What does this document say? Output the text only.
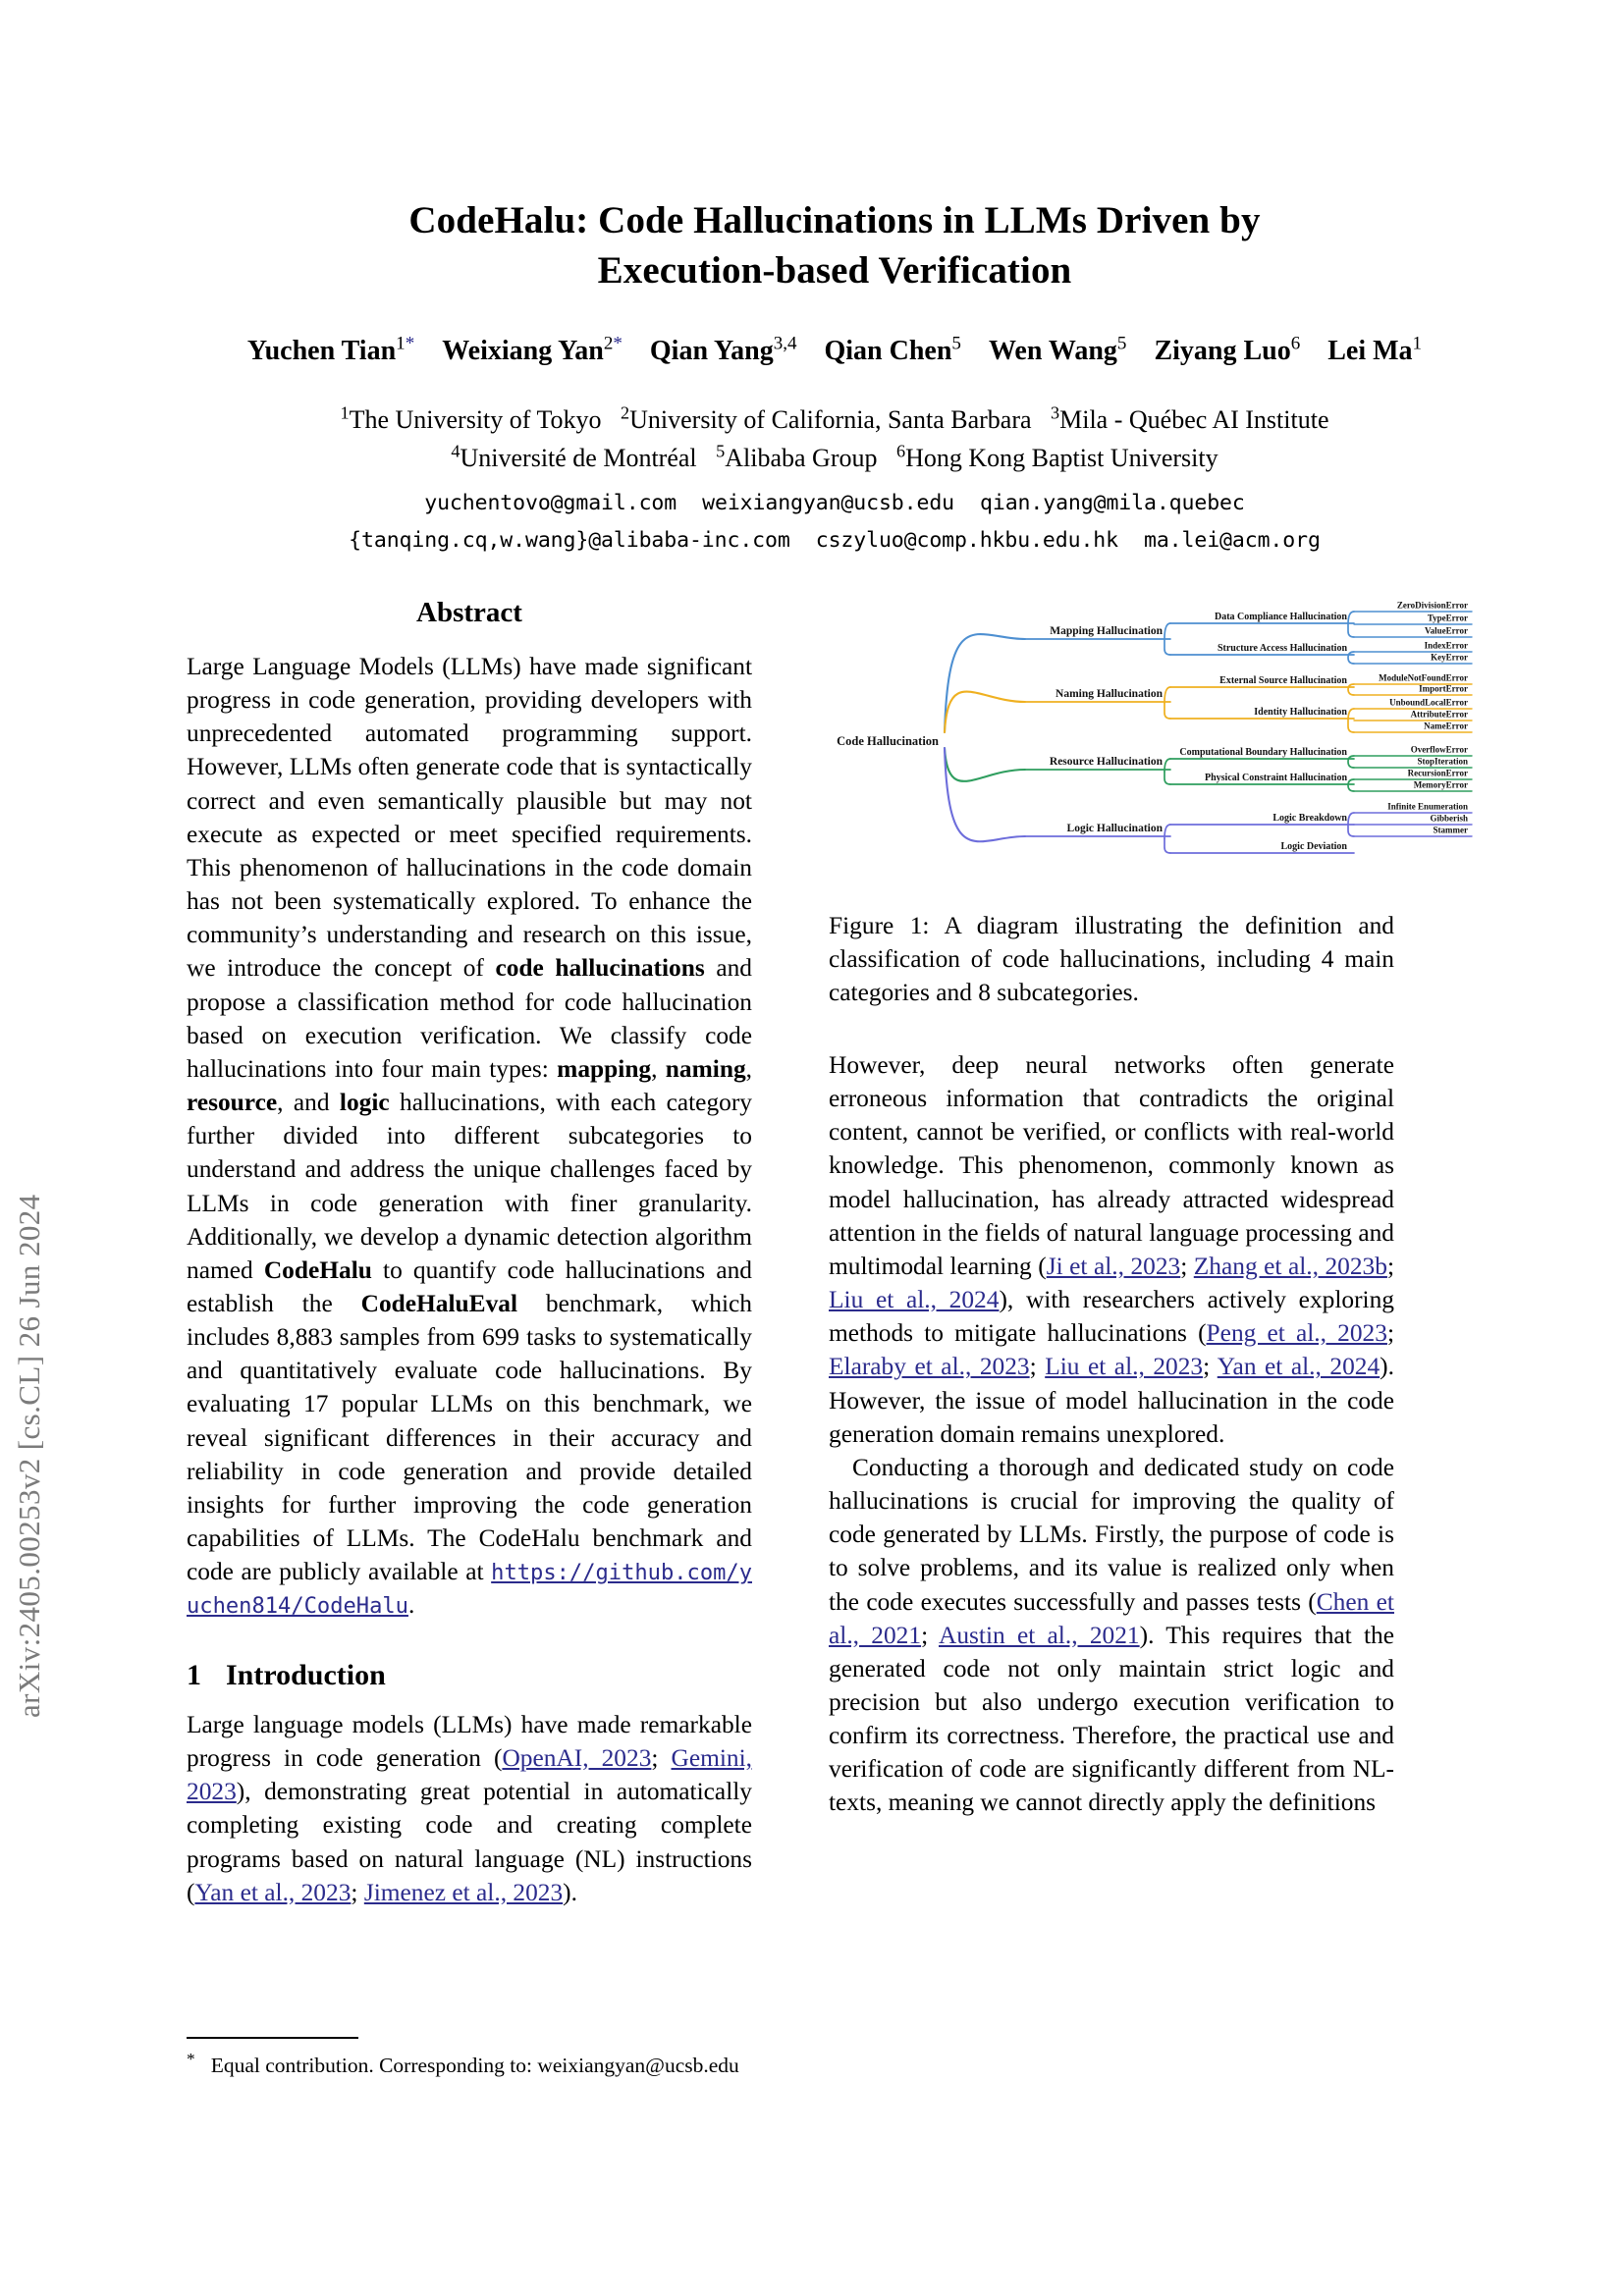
arXiv:2405.00253v2 [cs.CL] 26 Jun 2024
CodeHalu: Code Hallucinations in LLMs Driven by
Execution-based Verification
Yuchen Tian$^{1*}$  Weixiang Yan$^{2*}$  Qian Yang$^{3,4}$  Qian Chen$^5$  Wen Wang$^5$  Ziyang Luo$^6$  Lei Ma$^1$
$^1$The University of Tokyo  $^2$University of California, Santa Barbara  $^3$Mila - Québec AI Institute
$^4$Université de Montréal  $^5$Alibaba Group  $^6$Hong Kong Baptist University
yuchentovo@gmail.com weixiangyan@ucsb.edu qian.yang@mila.quebec
{tanqing.cq,w.wang}@alibaba-inc.com cszyluo@comp.hkbu.edu.hk ma.lei@acm.org
Abstract

Large Language Models (LLMs) have made significant progress in code generation, providing developers with unprecedented automated programming support. However, LLMs often generate code that is syntactically correct and even semantically plausible but may not execute as expected or meet specified requirements. This phenomenon of hallucinations in the code domain has not been systematically explored. To enhance the community’s understanding and research on this issue, we introduce the concept of code hallucinations and propose a classification method for code hallucination based on execution verification. We classify code hallucinations into four main types: mapping, naming, resource, and logic hallucinations, with each category further divided into different subcategories to understand and address the unique challenges faced by LLMs in code generation with finer granularity. Additionally, we develop a dynamic detection algorithm named CodeHalu to quantify code hallucinations and establish the CodeHaluEval benchmark, which includes 8,883 samples from 699 tasks to systematically and quantitatively evaluate code hallucinations. By evaluating 17 popular LLMs on this benchmark, we reveal significant differences in their accuracy and reliability in code generation and provide detailed insights for further improving the code generation capabilities of LLMs. The CodeHalu benchmark and code are publicly available at https://github.com/yuchen814/CodeHalu.

1 Introduction

Large language models (LLMs) have made remarkable progress in code generation (OpenAI, 2023; Gemini, 2023), demonstrating great potential in automatically completing existing code and creating complete programs based on natural language (NL) instructions (Yan et al., 2023; Jimenez et al., 2023).

* Equal contribution. Corresponding to: weixiangyan@ucsb.edu
Code Hallucination
Mapping Hallucination
Data Compliance Hallucination
ZeroDivisionError
TypeError
ValueError
Structure Access Hallucination	IndexError
KeyError
Naming Hallucination
External Source Hallucination	ModuleNotFoundError
ImportError
Identity Hallucination
UnboundLocalError
AttributeError
NameError
Resource Hallucination
Computational Boundary Hallucination	OverflowError
StopIteration
Physical Constraint Hallucination	RecursionError
MemoryError
Logic Hallucination
Logic Breakdown
Infinite Enumeration
Gibberish
Stammer
Logic Deviation
Figure 1: A diagram illustrating the definition and classification of code hallucinations, including 4 main categories and 8 subcategories.

However, deep neural networks often generate erroneous information that contradicts the original content, cannot be verified, or conflicts with real-world knowledge. This phenomenon, commonly known as model hallucination, has already attracted widespread attention in the fields of natural language processing and multimodal learning (Ji et al., 2023; Zhang et al., 2023b; Liu et al., 2024), with researchers actively exploring methods to mitigate hallucinations (Peng et al., 2023; Elaraby et al., 2023; Liu et al., 2023; Yan et al., 2024). However, the issue of model hallucination in the code generation domain remains unexplored.

Conducting a thorough and dedicated study on code hallucinations is crucial for improving the quality of code generated by LLMs. Firstly, the purpose of code is to solve problems, and its value is realized only when the code executes successfully and passes tests (Chen et al., 2021; Austin et al., 2021). This requires that the generated code not only maintain strict logic and precision but also undergo execution verification to confirm its correctness. Therefore, the practical use and verification of code are significantly different from NL-texts, meaning we cannot directly apply the definitions
